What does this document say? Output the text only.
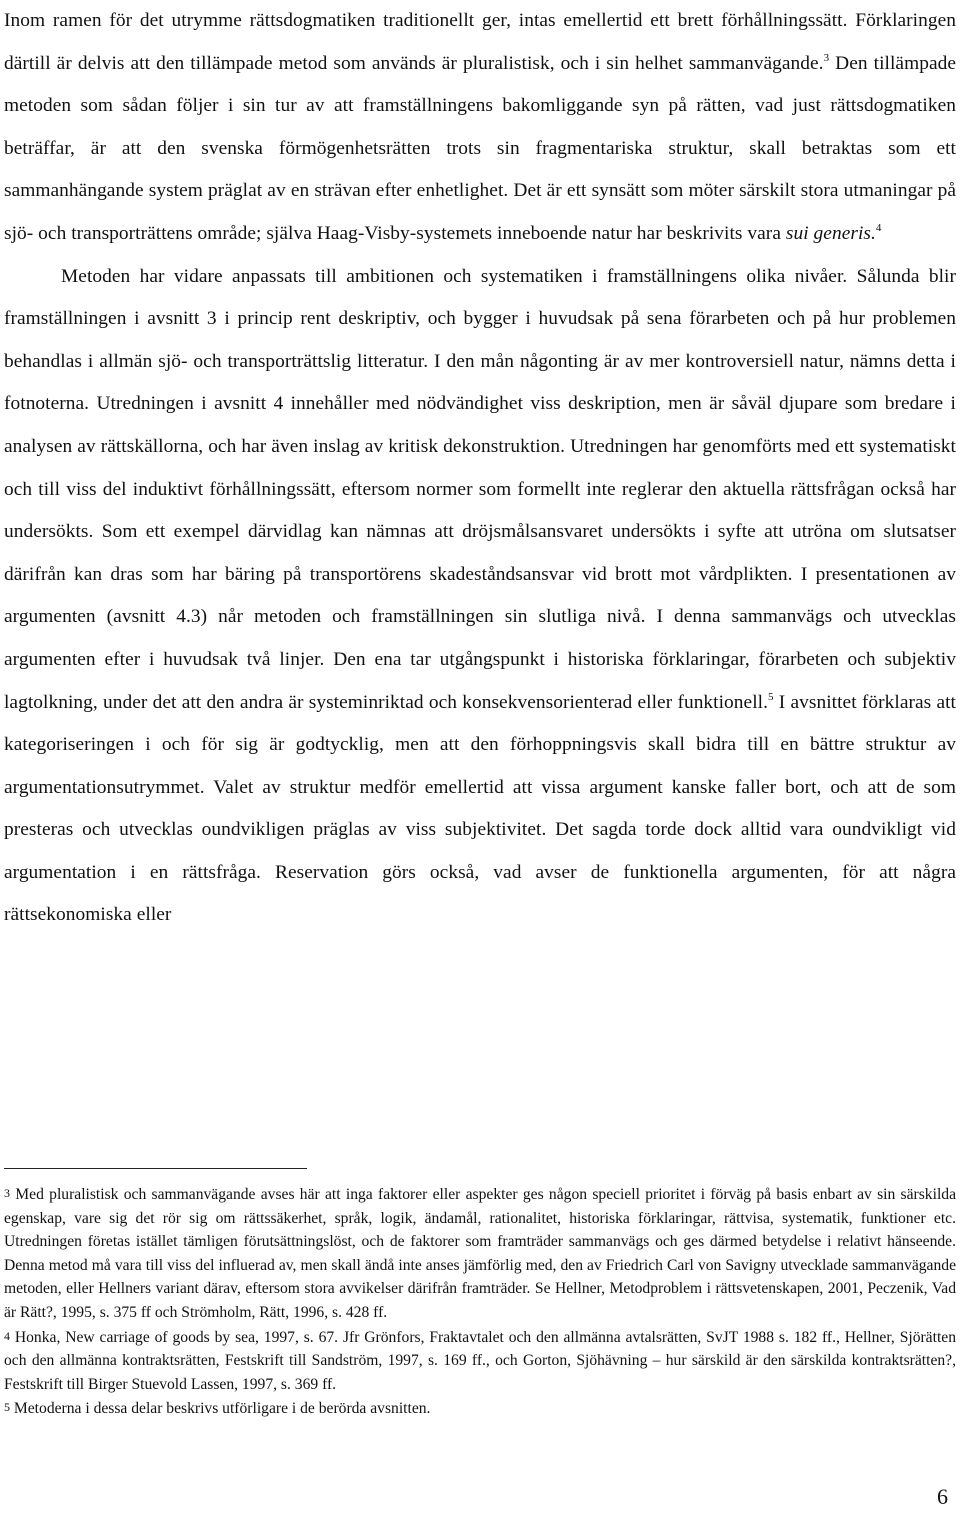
Inom ramen för det utrymme rättsdogmatiken traditionellt ger, intas emellertid ett brett förhållningssätt. Förklaringen därtill är delvis att den tillämpade metod som används är pluralistisk, och i sin helhet sammanvägande.$^3$ Den tillämpade metoden som sådan följer i sin tur av att framställningens bakomliggande syn på rätten, vad just rättsdogmatiken beträffar, är att den svenska förmögenhetsrätten trots sin fragmentariska struktur, skall betraktas som ett sammanhängande system präglat av en strävan efter enhetlighet. Det är ett synsätt som möter särskilt stora utmaningar på sjö- och transporträttens område; själva Haag-Visby-systemets inneboende natur har beskrivits vara sui generis.$^4$

Metoden har vidare anpassats till ambitionen och systematiken i framställningens olika nivåer. Sålunda blir framställningen i avsnitt 3 i princip rent deskriptiv, och bygger i huvudsak på sena förarbeten och på hur problemen behandlas i allmän sjö- och transporträttslig litteratur. I den mån någonting är av mer kontroversiell natur, nämns detta i fotnoterna. Utredningen i avsnitt 4 innehåller med nödvändighet viss deskription, men är såväl djupare som bredare i analysen av rättskällorna, och har även inslag av kritisk dekonstruktion. Utredningen har genomförts med ett systematiskt och till viss del induktivt förhållningssätt, eftersom normer som formellt inte reglerar den aktuella rättsfrågan också har undersökts. Som ett exempel därvidlag kan nämnas att dröjsmålsansvaret undersökts i syfte att utröna om slutsatser därifrån kan dras som har bäring på transportörens skadeståndsansvar vid brott mot vårdplikten. I presentationen av argumenten (avsnitt 4.3) når metoden och framställningen sin slutliga nivå. I denna sammanvägs och utvecklas argumenten efter i huvudsak två linjer. Den ena tar utgångspunkt i historiska förklaringar, förarbeten och subjektiv lagtolkning, under det att den andra är systeminriktad och konsekvensorienterad eller funktionell.$^5$ I avsnittet förklaras att kategoriseringen i och för sig är godtycklig, men att den förhoppningsvis skall bidra till en bättre struktur av argumentationsutrymmet. Valet av struktur medför emellertid att vissa argument kanske faller bort, och att de som presteras och utvecklas oundvikligen präglas av viss subjektivitet. Det sagda torde dock alltid vara oundvikligt vid argumentation i en rättsfråga. Reservation görs också, vad avser de funktionella argumenten, för att några rättsekonomiska eller

3 Med pluralistisk och sammanvägande avses här att inga faktorer eller aspekter ges någon speciell prioritet i förväg på basis enbart av sin särskilda egenskap, vare sig det rör sig om rättssäkerhet, språk, logik, ändamål, rationalitet, historiska förklaringar, rättvisa, systematik, funktioner etc. Utredningen företas istället tämligen förutsättningslöst, och de faktorer som framträder sammanvägs och ges därmed betydelse i relativt hänseende. Denna metod må vara till viss del influerad av, men skall ändå inte anses jämförlig med, den av Friedrich Carl von Savigny utvecklade sammanvägande metoden, eller Hellners variant därav, eftersom stora avvikelser därifrån framträder. Se Hellner, Metodproblem i rättsvetenskapen, 2001, Peczenik, Vad är Rätt?, 1995, s. 375 ff och Strömholm, Rätt, 1996, s. 428 ff.

4 Honka, New carriage of goods by sea, 1997, s. 67. Jfr Grönfors, Fraktavtalet och den allmänna avtalsrätten, SvJT 1988 s. 182 ff., Hellner, Sjörätten och den allmänna kontraktsrätten, Festskrift till Sandström, 1997, s. 169 ff., och Gorton, Sjöhävning – hur särskild är den särskilda kontraktsrätten?, Festskrift till Birger Stuevold Lassen, 1997, s. 369 ff.

5 Metoderna i dessa delar beskrivs utförligare i de berörda avsnitten.

6
